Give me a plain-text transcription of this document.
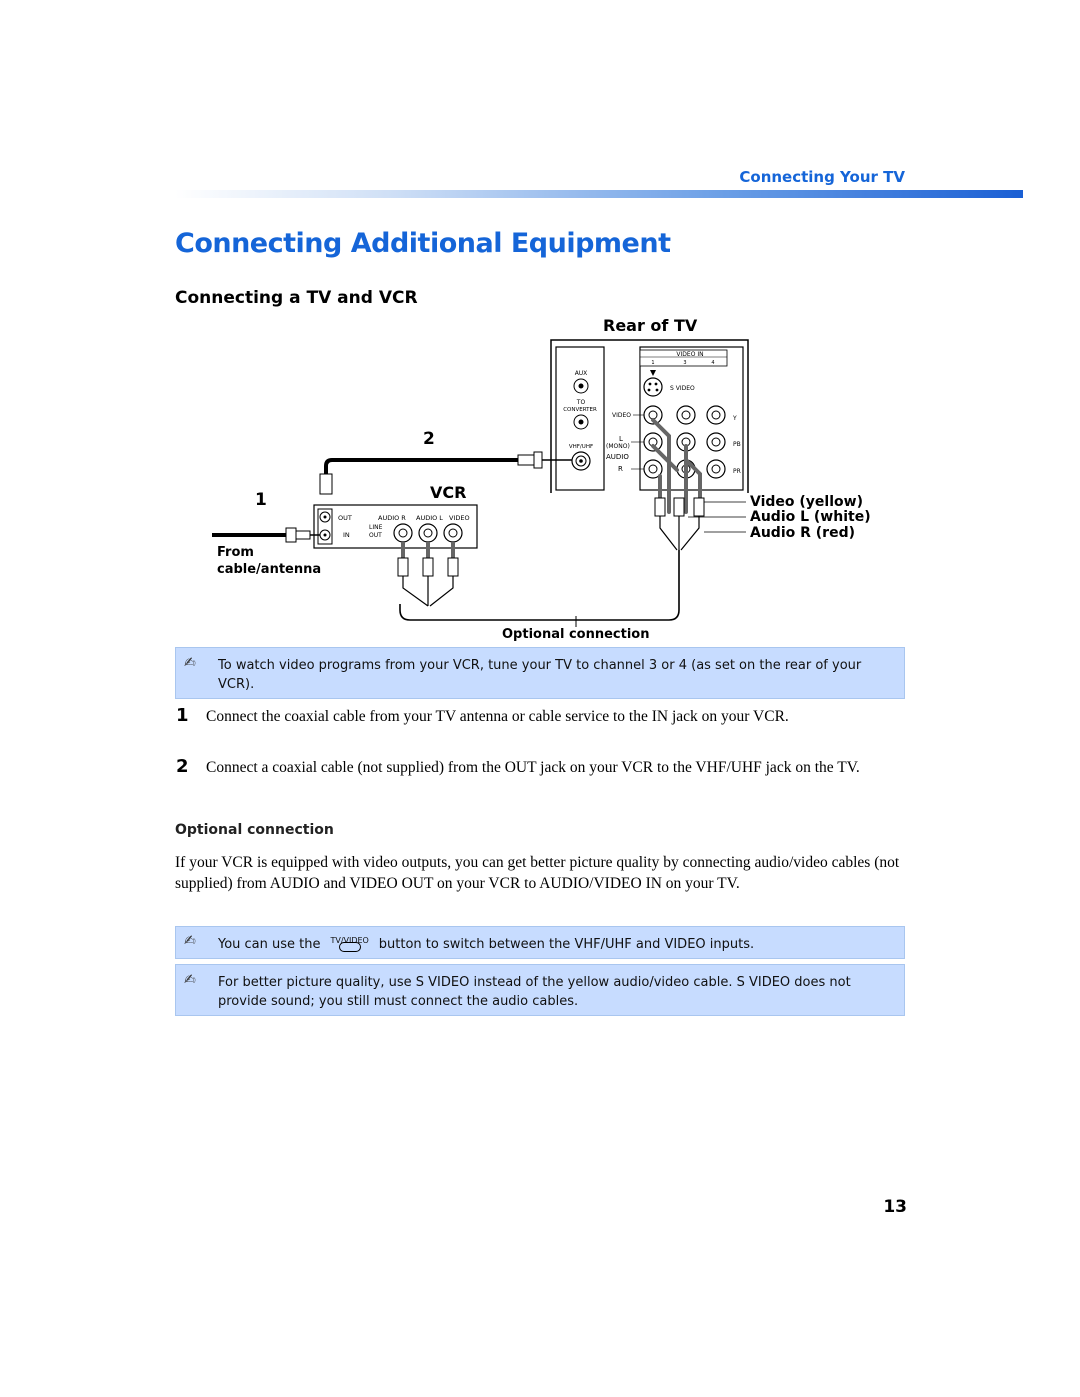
Connecting Your TV
Connecting Additional Equipment
Connecting a TV and VCR
Rear of TV
AUX
TO
CONVERTER
VHF/UHF
VIDEO IN
1	3	4
S VIDEO
VIDEO
L
(MONO)
AUDIO
R
Y
PB
PR
Video (yellow)
Audio L (white)
Audio R (red)
2
1	VCR
OUT
IN
AUDIO R AUDIO L VIDEO
LINE
OUT
From
cable/antenna
Optional connection
✍ To watch video programs from your VCR, tune your TV to channel 3 or 4 (as set on the rear of your VCR).
1 Connect the coaxial cable from your TV antenna or cable service to the IN jack on your VCR.
2 Connect a coaxial cable (not supplied) from the OUT jack on your VCR to the VHF/UHF jack on the TV.
Optional connection
If your VCR is equipped with video outputs, you can get better picture quality by connecting audio/video cables (not supplied) from AUDIO and VIDEO OUT on your VCR to AUDIO/VIDEO IN on your TV.
✍ You can use the	TV/VIDEO button to switch between the VHF/UHF and VIDEO inputs.
✍ For better picture quality, use S VIDEO instead of the yellow audio/video cable. S VIDEO does not provide sound; you still must connect the audio cables.
13
